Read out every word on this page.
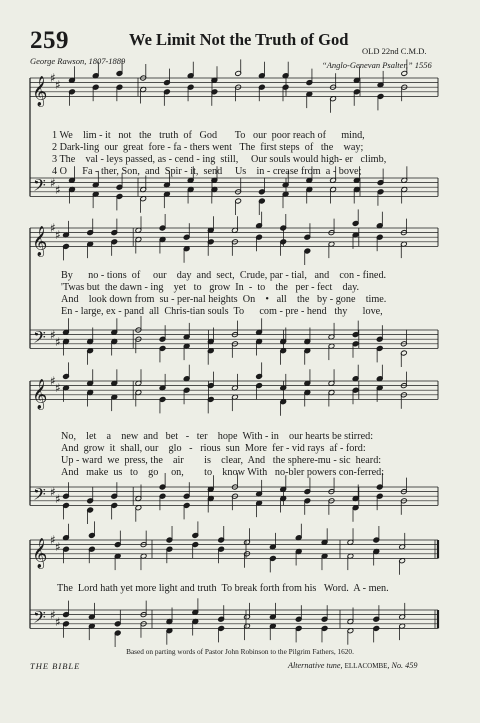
259	We Limit Not the Truth of God
George Rawson, 1807-1889
OLD 22nd C.M.D.
“Anglo-Genevan Psalter,” 1556
𝄞
𝄢
♯ ♯
♯ ♯
𝄞
𝄢
♯ ♯
♯ ♯
𝄞
𝄢
♯ ♯
♯ ♯
𝄞
𝄢
♯ ♯
♯ ♯
1 We    lim - it   not   the   truth  of   God       To   our  poor reach of      mind,
2 Dark-ling  our  great  fore - fa - thers went   The  first steps  of   the    way;
3 The    val - leys passed, as - cend - ing  still,     Our souls would high- er   climb,
4 O      Fa - ther, Son,  and  Spir - it,  send     Us    in - crease from  a - bove;
By      no - tions  of     our    day  and  sect,  Crude, par - tial,   and    con - fined.
'Twas but  the dawn - ing    yet   to   grow  In  -  to    the   per - fect    day.
And    look down from  su - per-nal heights  On    •   all    the   by - gone    time.
En - large, ex - pand  all  Chris-tian souls  To      com - pre - hend   thy      love,
No,    let    a    new  and   bet   -   ter    hope  With - in    our hearts be stirred:
And  grow  it  shall, our    glo   -   rious  sun  More  fer - vid rays  af - ford:
Up - ward  we  press, the    air        is    clear,  And   the sphere-mu - sic  heard:
And   make  us   to    go     on,        to    know With   no-bler powers con-ferred:
The  Lord hath yet more light and truth  To break forth from his   Word.  A - men.
Based on parting words of Pastor John Robinson to the Pilgrim Fathers, 1620.
THE BIBLE	Alternative tune, ELLACOMBE, No. 459
